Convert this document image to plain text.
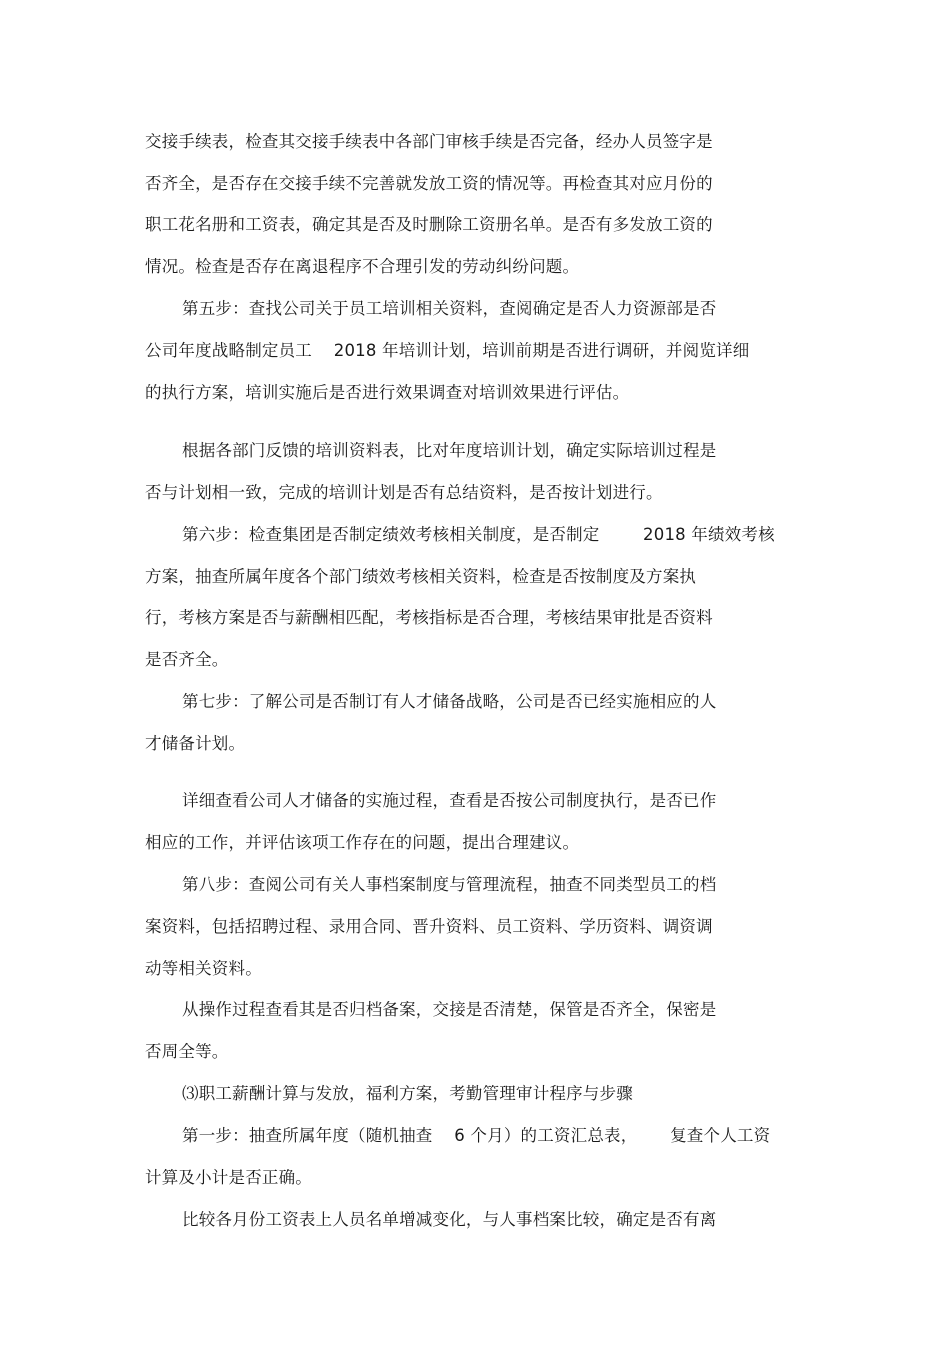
交接手续表，检查其交接手续表中各部门审核手续是否完备，经办人员签字是

否齐全，是否存在交接手续不完善就发放工资的情况等。再检查其对应月份的

职工花名册和工资表，确定其是否及时删除工资册名单。是否有多发放工资的

情况。检查是否存在离退程序不合理引发的劳动纠纷问题。

第五步：查找公司关于员工培训相关资料，查阅确定是否人力资源部是否

公司年度战略制定员工    2018 年培训计划，培训前期是否进行调研，并阅览详细

的执行方案，培训实施后是否进行效果调查对培训效果进行评估。

根据各部门反馈的培训资料表，比对年度培训计划，确定实际培训过程是

否与计划相一致，完成的培训计划是否有总结资料，是否按计划进行。

第六步：检查集团是否制定绩效考核相关制度，是否制定        2018 年绩效考核

方案，抽查所属年度各个部门绩效考核相关资料，检查是否按制度及方案执

行，考核方案是否与薪酬相匹配，考核指标是否合理，考核结果审批是否资料

是否齐全。

第七步：了解公司是否制订有人才储备战略，公司是否已经实施相应的人

才储备计划。

详细查看公司人才储备的实施过程，查看是否按公司制度执行，是否已作

相应的工作，并评估该项工作存在的问题，提出合理建议。

第八步：查阅公司有关人事档案制度与管理流程，抽查不同类型员工的档

案资料，包括招聘过程、录用合同、晋升资料、员工资料、学历资料、调资调

动等相关资料。

从操作过程查看其是否归档备案，交接是否清楚，保管是否齐全，保密是

否周全等。

⑶职工薪酬计算与发放，福利方案，考勤管理审计程序与步骤

第一步：抽查所属年度（随机抽查    6 个月）的工资汇总表，      复查个人工资

计算及小计是否正确。

比较各月份工资表上人员名单增减变化，与人事档案比较，确定是否有离
